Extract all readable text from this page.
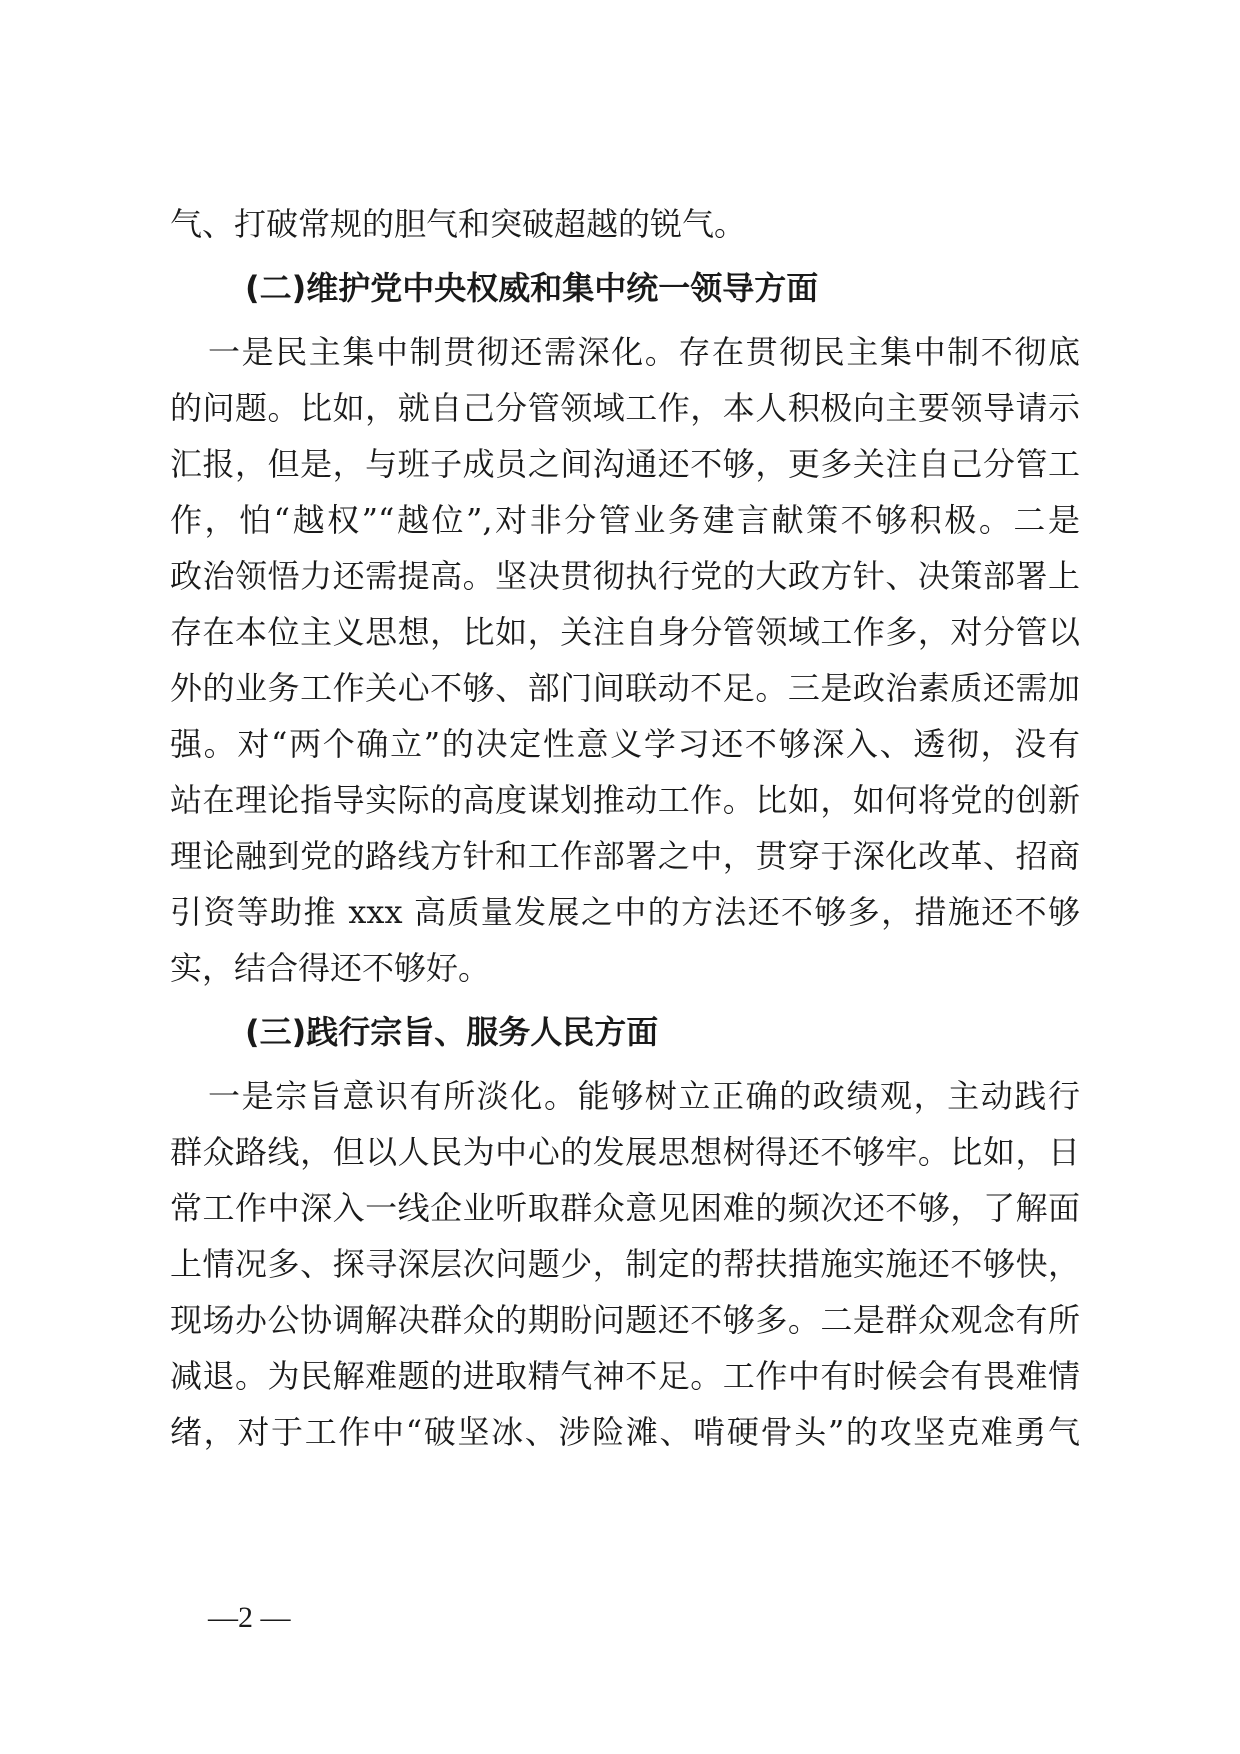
气、打破常规的胆气和突破超越的锐气。
(二)维护党中央权威和集中统一领导方面
一是民主集中制贯彻还需深化。存在贯彻民主集中制不彻底
的问题。比如，就自己分管领域工作，本人积极向主要领导请示
汇报，但是，与班子成员之间沟通还不够，更多关注自己分管工
作，怕“越权”“越位”,对非分管业务建言献策不够积极。二是
政治领悟力还需提高。坚决贯彻执行党的大政方针、决策部署上
存在本位主义思想，比如，关注自身分管领域工作多，对分管以
外的业务工作关心不够、部门间联动不足。三是政治素质还需加
强。对“两个确立”的决定性意义学习还不够深入、透彻，没有
站在理论指导实际的高度谋划推动工作。比如，如何将党的创新
理论融到党的路线方针和工作部署之中，贯穿于深化改革、招商
引资等助推 xxx 高质量发展之中的方法还不够多，措施还不够
实，结合得还不够好。
(三)践行宗旨、服务人民方面
一是宗旨意识有所淡化。能够树立正确的政绩观，主动践行
群众路线，但以人民为中心的发展思想树得还不够牢。比如，日
常工作中深入一线企业听取群众意见困难的频次还不够，了解面
上情况多、探寻深层次问题少，制定的帮扶措施实施还不够快，
现场办公协调解决群众的期盼问题还不够多。二是群众观念有所
减退。为民解难题的进取精气神不足。工作中有时候会有畏难情
绪，对于工作中“破坚冰、涉险滩、啃硬骨头”的攻坚克难勇气
—2 —
